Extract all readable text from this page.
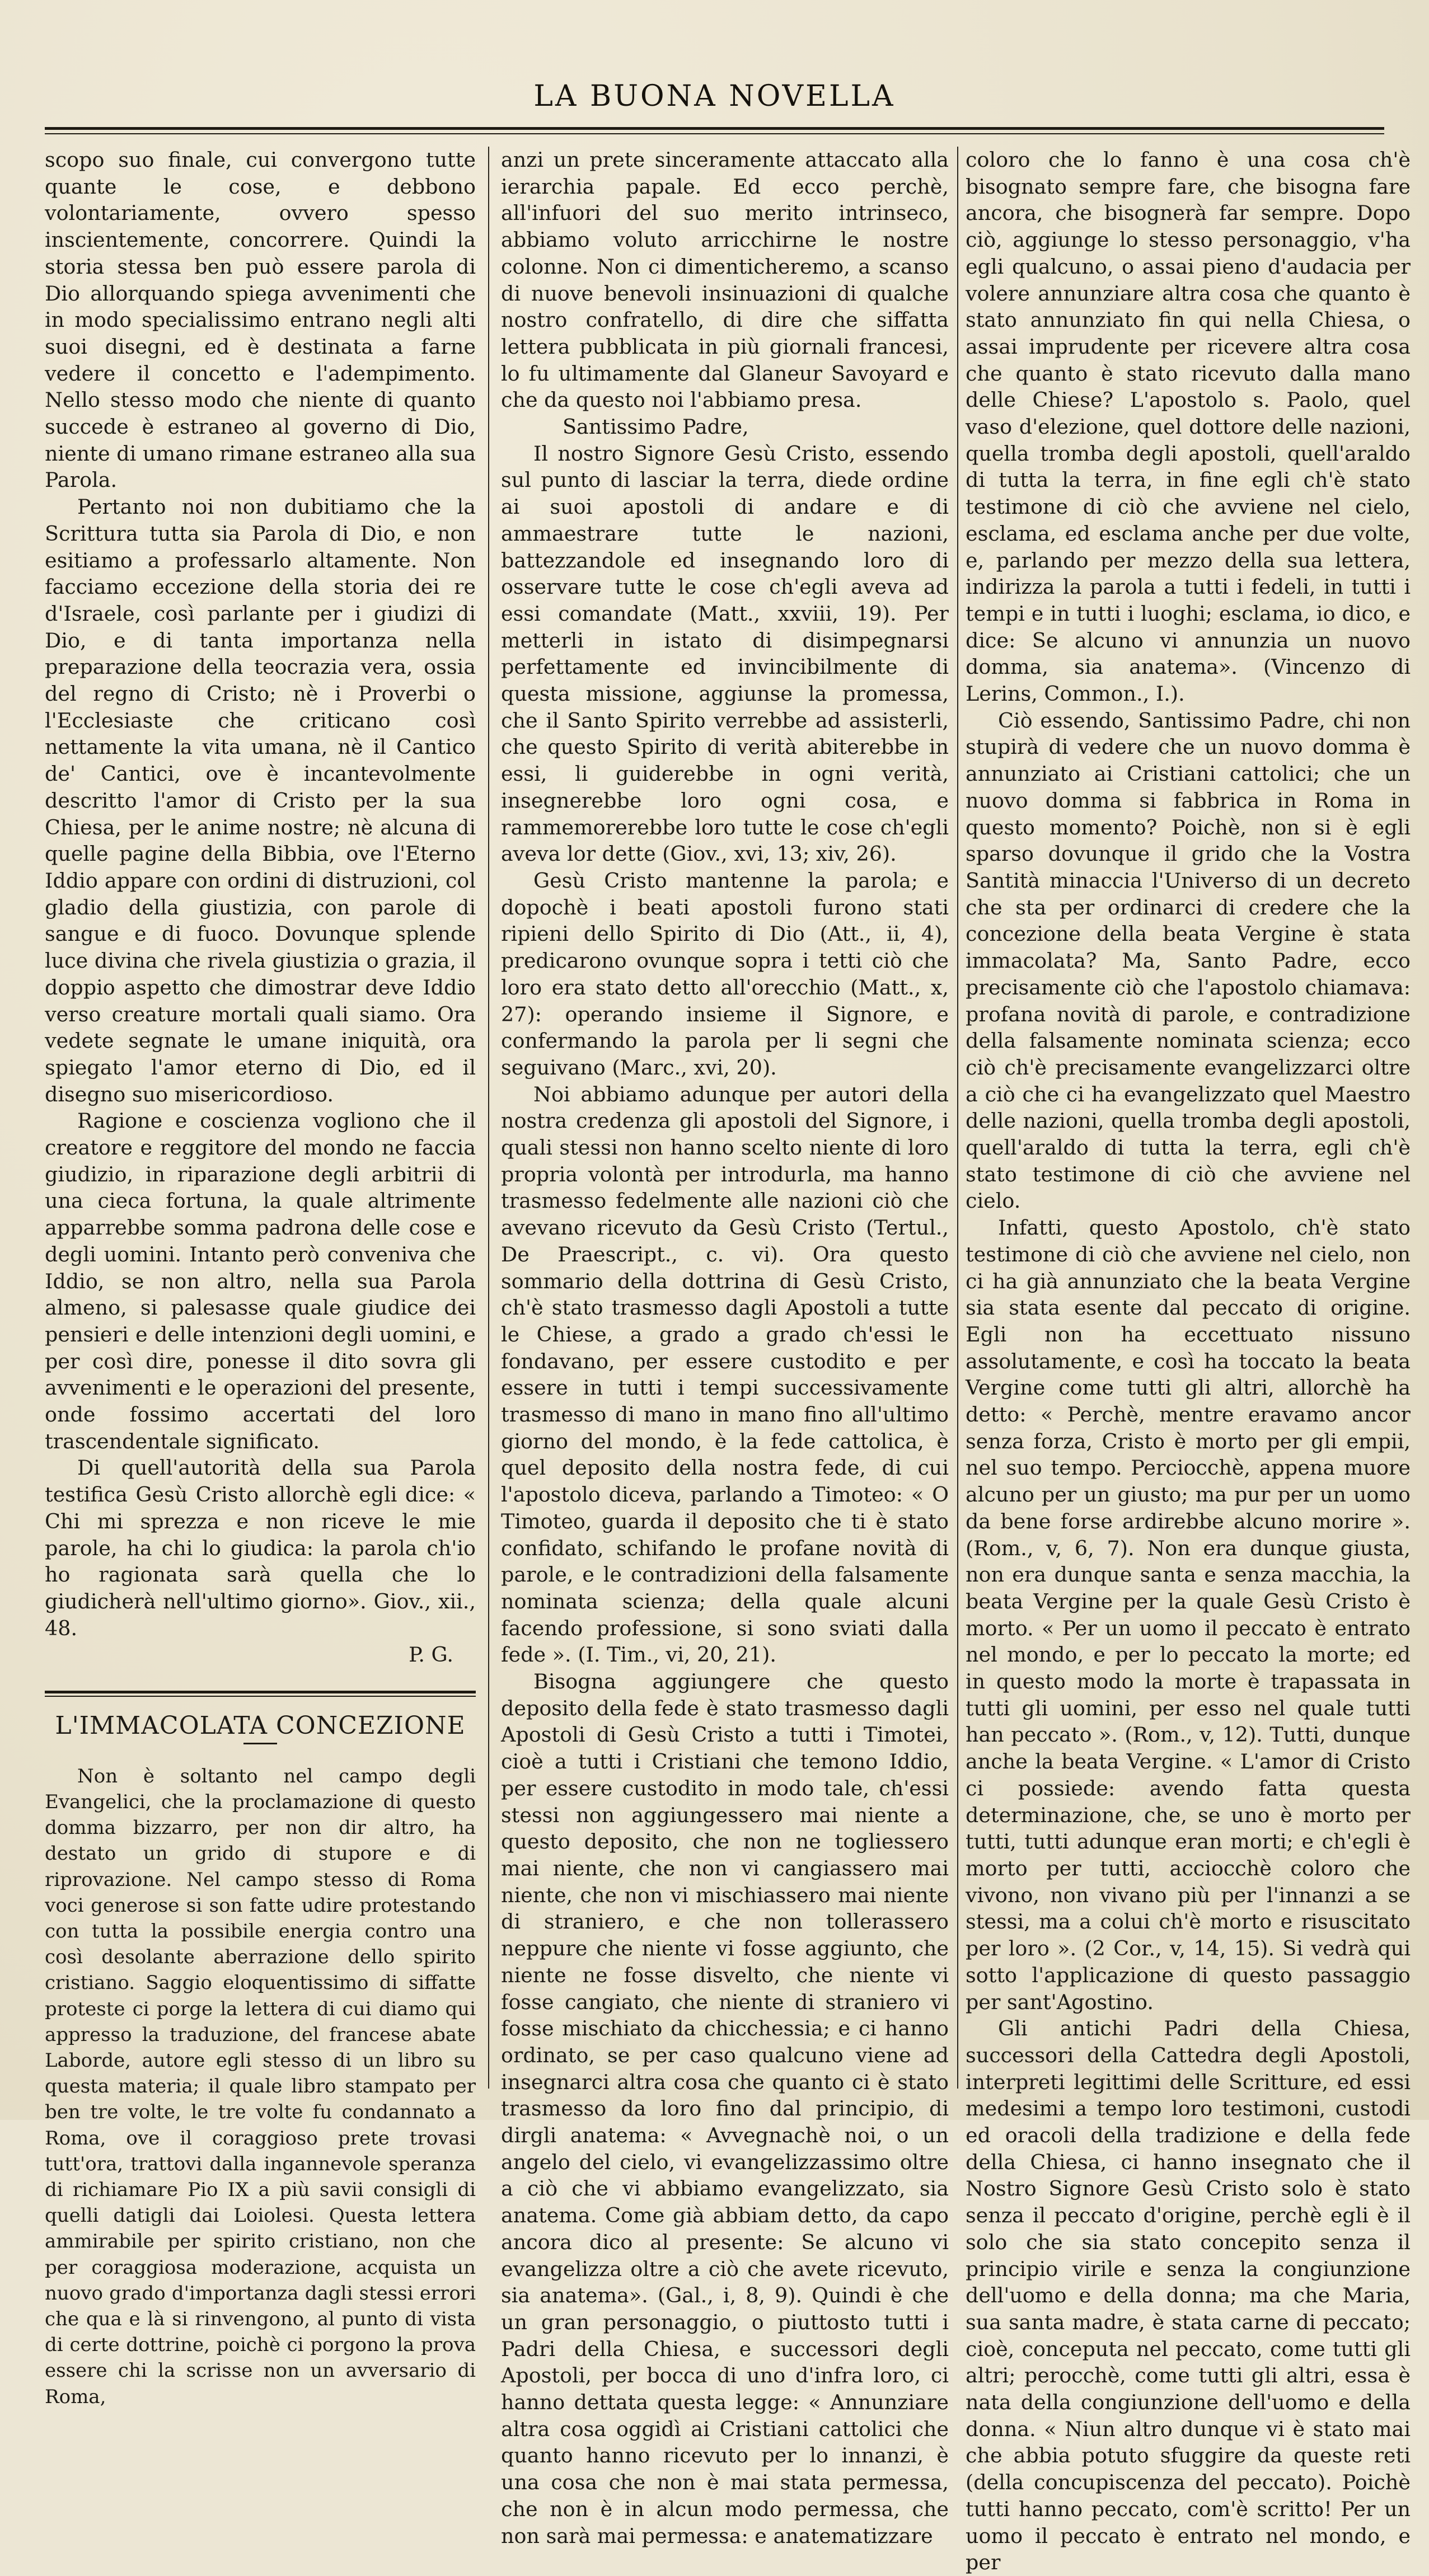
LA BUONA NOVELLA

scopo suo finale, cui convergono tutte quante le cose, e debbono volontariamente, ovvero spesso inscientemente, concorrere. Quindi la storia stessa ben può essere parola di Dio allorquando spiega avvenimenti che in modo specialissimo entrano negli alti suoi disegni, ed è destinata a farne vedere il concetto e l'adempimento. Nello stesso modo che niente di quanto succede è estraneo al governo di Dio, niente di umano rimane estraneo alla sua Parola.

Pertanto noi non dubitiamo che la Scrittura tutta sia Parola di Dio, e non esitiamo a professarlo altamente. Non facciamo eccezione della storia dei re d'Israele, così parlante per i giudizi di Dio, e di tanta importanza nella preparazione della teocrazia vera, ossia del regno di Cristo; nè i Proverbi o l'Ecclesiaste che criticano così nettamente la vita umana, nè il Cantico de' Cantici, ove è incantevolmente descritto l'amor di Cristo per la sua Chiesa, per le anime nostre; nè alcuna di quelle pagine della Bibbia, ove l'Eterno Iddio appare con ordini di distruzioni, col gladio della giustizia, con parole di sangue e di fuoco. Dovunque splende luce divina che rivela giustizia o grazia, il doppio aspetto che dimostrar deve Iddio verso creature mortali quali siamo. Ora vedete segnate le umane iniquità, ora spiegato l'amor eterno di Dio, ed il disegno suo misericordioso.

Ragione e coscienza vogliono che il creatore e reggitore del mondo ne faccia giudizio, in riparazione degli arbitrii di una cieca fortuna, la quale altrimente apparrebbe somma padrona delle cose e degli uomini. Intanto però conveniva che Iddio, se non altro, nella sua Parola almeno, si palesasse quale giudice dei pensieri e delle intenzioni degli uomini, e per così dire, ponesse il dito sovra gli avvenimenti e le operazioni del presente, onde fossimo accertati del loro trascendentale significato.

Di quell'autorità della sua Parola testifica Gesù Cristo allorchè egli dice: « Chi mi sprezza e non riceve le mie parole, ha chi lo giudica: la parola ch'io ho ragionata sarà quella che lo giudicherà nell'ultimo giorno». Giov., xii., 48.

P. G.

L'IMMACOLATA CONCEZIONE

Non è soltanto nel campo degli Evangelici, che la proclamazione di questo domma bizzarro, per non dir altro, ha destato un grido di stupore e di riprovazione. Nel campo stesso di Roma voci generose si son fatte udire protestando con tutta la possibile energia contro una così desolante aberrazione dello spirito cristiano. Saggio eloquentissimo di siffatte proteste ci porge la lettera di cui diamo qui appresso la traduzione, del francese abate Laborde, autore egli stesso di un libro su questa materia; il quale libro stampato per ben tre volte, le tre volte fu condannato a Roma, ove il coraggioso prete trovasi tutt'ora, trattovi dalla ingannevole speranza di richiamare Pio IX a più savii consigli di quelli datigli dai Loiolesi. Questa lettera ammirabile per spirito cristiano, non che per coraggiosa moderazione, acquista un nuovo grado d'importanza dagli stessi errori che qua e là si rinvengono, al punto di vista di certe dottrine, poichè ci porgono la prova essere chi la scrisse non un avversario di Roma,

anzi un prete sinceramente attaccato alla ierarchia papale. Ed ecco perchè, all'infuori del suo merito intrinseco, abbiamo voluto arricchirne le nostre colonne. Non ci dimenticheremo, a scanso di nuove benevoli insinuazioni di qualche nostro confratello, di dire che siffatta lettera pubblicata in più giornali francesi, lo fu ultimamente dal Glaneur Savoyard e che da questo noi l'abbiamo presa.

Santissimo Padre,

Il nostro Signore Gesù Cristo, essendo sul punto di lasciar la terra, diede ordine ai suoi apostoli di andare e di ammaestrare tutte le nazioni, battezzandole ed insegnando loro di osservare tutte le cose ch'egli aveva ad essi comandate (Matt., xxviii, 19). Per metterli in istato di disimpegnarsi perfettamente ed invincibilmente di questa missione, aggiunse la promessa, che il Santo Spirito verrebbe ad assisterli, che questo Spirito di verità abiterebbe in essi, li guiderebbe in ogni verità, insegnerebbe loro ogni cosa, e rammemorerebbe loro tutte le cose ch'egli aveva lor dette (Giov., xvi, 13; xiv, 26).

Gesù Cristo mantenne la parola; e dopochè i beati apostoli furono stati ripieni dello Spirito di Dio (Att., ii, 4), predicarono ovunque sopra i tetti ciò che loro era stato detto all'orecchio (Matt., x, 27): operando insieme il Signore, e confermando la parola per li segni che seguivano (Marc., xvi, 20).

Noi abbiamo adunque per autori della nostra credenza gli apostoli del Signore, i quali stessi non hanno scelto niente di loro propria volontà per introdurla, ma hanno trasmesso fedelmente alle nazioni ciò che avevano ricevuto da Gesù Cristo (Tertul., De Praescript., c. vi). Ora questo sommario della dottrina di Gesù Cristo, ch'è stato trasmesso dagli Apostoli a tutte le Chiese, a grado a grado ch'essi le fondavano, per essere custodito e per essere in tutti i tempi successivamente trasmesso di mano in mano fino all'ultimo giorno del mondo, è la fede cattolica, è quel deposito della nostra fede, di cui l'apostolo diceva, parlando a Timoteo: « O Timoteo, guarda il deposito che ti è stato confidato, schifando le profane novità di parole, e le contradizioni della falsamente nominata scienza; della quale alcuni facendo professione, si sono sviati dalla fede ». (I. Tim., vi, 20, 21).

Bisogna aggiungere che questo deposito della fede è stato trasmesso dagli Apostoli di Gesù Cristo a tutti i Timotei, cioè a tutti i Cristiani che temono Iddio, per essere custodito in modo tale, ch'essi stessi non aggiungessero mai niente a questo deposito, che non ne togliessero mai niente, che non vi cangiassero mai niente, che non vi mischiassero mai niente di straniero, e che non tollerassero neppure che niente vi fosse aggiunto, che niente ne fosse disvelto, che niente vi fosse cangiato, che niente di straniero vi fosse mischiato da chicchessia; e ci hanno ordinato, se per caso qualcuno viene ad insegnarci altra cosa che quanto ci è stato trasmesso da loro fino dal principio, di dirgli anatema: « Avvegnachè noi, o un angelo del cielo, vi evangelizzassimo oltre a ciò che vi abbiamo evangelizzato, sia anatema. Come già abbiam detto, da capo ancora dico al presente: Se alcuno vi evangelizza oltre a ciò che avete ricevuto, sia anatema». (Gal., i, 8, 9). Quindi è che un gran personaggio, o piuttosto tutti i Padri della Chiesa, e successori degli Apostoli, per bocca di uno d'infra loro, ci hanno dettata questa legge: « Annunziare altra cosa oggidì ai Cristiani cattolici che quanto hanno ricevuto per lo innanzi, è una cosa che non è mai stata permessa, che non è in alcun modo permessa, che non sarà mai permessa: e anatematizzare

coloro che lo fanno è una cosa ch'è bisognato sempre fare, che bisogna fare ancora, che bisognerà far sempre. Dopo ciò, aggiunge lo stesso personaggio, v'ha egli qualcuno, o assai pieno d'audacia per volere annunziare altra cosa che quanto è stato annunziato fin qui nella Chiesa, o assai imprudente per ricevere altra cosa che quanto è stato ricevuto dalla mano delle Chiese? L'apostolo s. Paolo, quel vaso d'elezione, quel dottore delle nazioni, quella tromba degli apostoli, quell'araldo di tutta la terra, in fine egli ch'è stato testimone di ciò che avviene nel cielo, esclama, ed esclama anche per due volte, e, parlando per mezzo della sua lettera, indirizza la parola a tutti i fedeli, in tutti i tempi e in tutti i luoghi; esclama, io dico, e dice: Se alcuno vi annunzia un nuovo domma, sia anatema». (Vincenzo di Lerins, Common., I.).

Ciò essendo, Santissimo Padre, chi non stupirà di vedere che un nuovo domma è annunziato ai Cristiani cattolici; che un nuovo domma si fabbrica in Roma in questo momento? Poichè, non si è egli sparso dovunque il grido che la Vostra Santità minaccia l'Universo di un decreto che sta per ordinarci di credere che la concezione della beata Vergine è stata immacolata? Ma, Santo Padre, ecco precisamente ciò che l'apostolo chiamava: profana novità di parole, e contradizione della falsamente nominata scienza; ecco ciò ch'è precisamente evangelizzarci oltre a ciò che ci ha evangelizzato quel Maestro delle nazioni, quella tromba degli apostoli, quell'araldo di tutta la terra, egli ch'è stato testimone di ciò che avviene nel cielo.

Infatti, questo Apostolo, ch'è stato testimone di ciò che avviene nel cielo, non ci ha già annunziato che la beata Vergine sia stata esente dal peccato di origine. Egli non ha eccettuato nissuno assolutamente, e così ha toccato la beata Vergine come tutti gli altri, allorchè ha detto: « Perchè, mentre eravamo ancor senza forza, Cristo è morto per gli empii, nel suo tempo. Perciocchè, appena muore alcuno per un giusto; ma pur per un uomo da bene forse ardirebbe alcuno morire ». (Rom., v, 6, 7). Non era dunque giusta, non era dunque santa e senza macchia, la beata Vergine per la quale Gesù Cristo è morto. « Per un uomo il peccato è entrato nel mondo, e per lo peccato la morte; ed in questo modo la morte è trapassata in tutti gli uomini, per esso nel quale tutti han peccato ». (Rom., v, 12). Tutti, dunque anche la beata Vergine. « L'amor di Cristo ci possiede: avendo fatta questa determinazione, che, se uno è morto per tutti, tutti adunque eran morti; e ch'egli è morto per tutti, acciocchè coloro che vivono, non vivano più per l'innanzi a se stessi, ma a colui ch'è morto e risuscitato per loro ». (2 Cor., v, 14, 15). Si vedrà qui sotto l'applicazione di questo passaggio per sant'Agostino.

Gli antichi Padri della Chiesa, successori della Cattedra degli Apostoli, interpreti legittimi delle Scritture, ed essi medesimi a tempo loro testimoni, custodi ed oracoli della tradizione e della fede della Chiesa, ci hanno insegnato che il Nostro Signore Gesù Cristo solo è stato senza il peccato d'origine, perchè egli è il solo che sia stato concepito senza il principio virile e senza la congiunzione dell'uomo e della donna; ma che Maria, sua santa madre, è stata carne di peccato; cioè, conceputa nel peccato, come tutti gli altri; perocchè, come tutti gli altri, essa è nata della congiunzione dell'uomo e della donna. « Niun altro dunque vi è stato mai che abbia potuto sfuggire da queste reti (della concupiscenza del peccato). Poichè tutti hanno peccato, com'è scritto! Per un uomo il peccato è entrato nel mondo, e per
